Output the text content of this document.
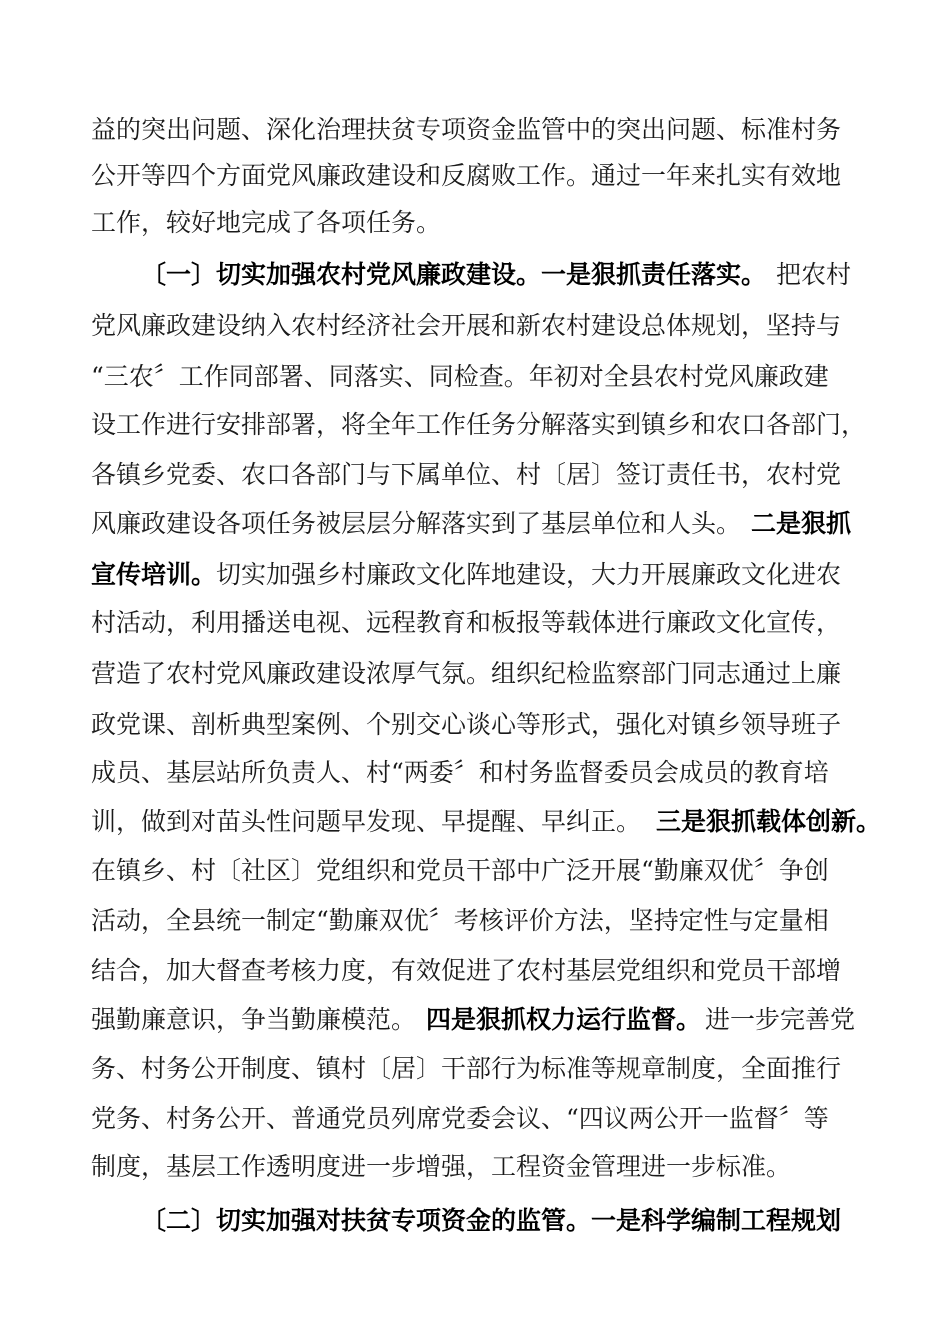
益的突出问题、深化治理扶贫专项资金监管中的突出问题、标准村务
公开等四个方面党风廉政建设和反腐败工作。通过一年来扎实有效地
工作，较好地完成了各项任务。
〔一〕切实加强农村党风廉政建设。一是狠抓责任落实。 把农村
党风廉政建设纳入农村经济社会开展和新农村建设总体规划，坚持与
“三农〞工作同部署、同落实、同检查。年初对全县农村党风廉政建
设工作进行安排部署，将全年工作任务分解落实到镇乡和农口各部门，
各镇乡党委、农口各部门与下属单位、村〔居〕签订责任书，农村党
风廉政建设各项任务被层层分解落实到了基层单位和人头。 二是狠抓
宣传培训。 切实加强乡村廉政文化阵地建设，大力开展廉政文化进农
村活动，利用播送电视、远程教育和板报等载体进行廉政文化宣传，
营造了农村党风廉政建设浓厚气氛。组织纪检监察部门同志通过上廉
政党课、剖析典型案例、个别交心谈心等形式，强化对镇乡领导班子
成员、基层站所负责人、村“两委〞和村务监督委员会成员的教育培
训，做到对苗头性问题早发现、早提醒、早纠正。 三是狠抓载体创新。
在镇乡、村〔社区〕党组织和党员干部中广泛开展“勤廉双优〞争创
活动，全县统一制定“勤廉双优〞考核评价方法，坚持定性与定量相
结合，加大督查考核力度，有效促进了农村基层党组织和党员干部增
强勤廉意识，争当勤廉模范。 四是狠抓权力运行监督。 进一步完善党
务、村务公开制度、镇村〔居〕干部行为标准等规章制度，全面推行
党务、村务公开、普通党员列席党委会议、“四议两公开一监督〞等
制度，基层工作透明度进一步增强，工程资金管理进一步标准。
〔二〕切实加强对扶贫专项资金的监管。一是科学编制工程规划
